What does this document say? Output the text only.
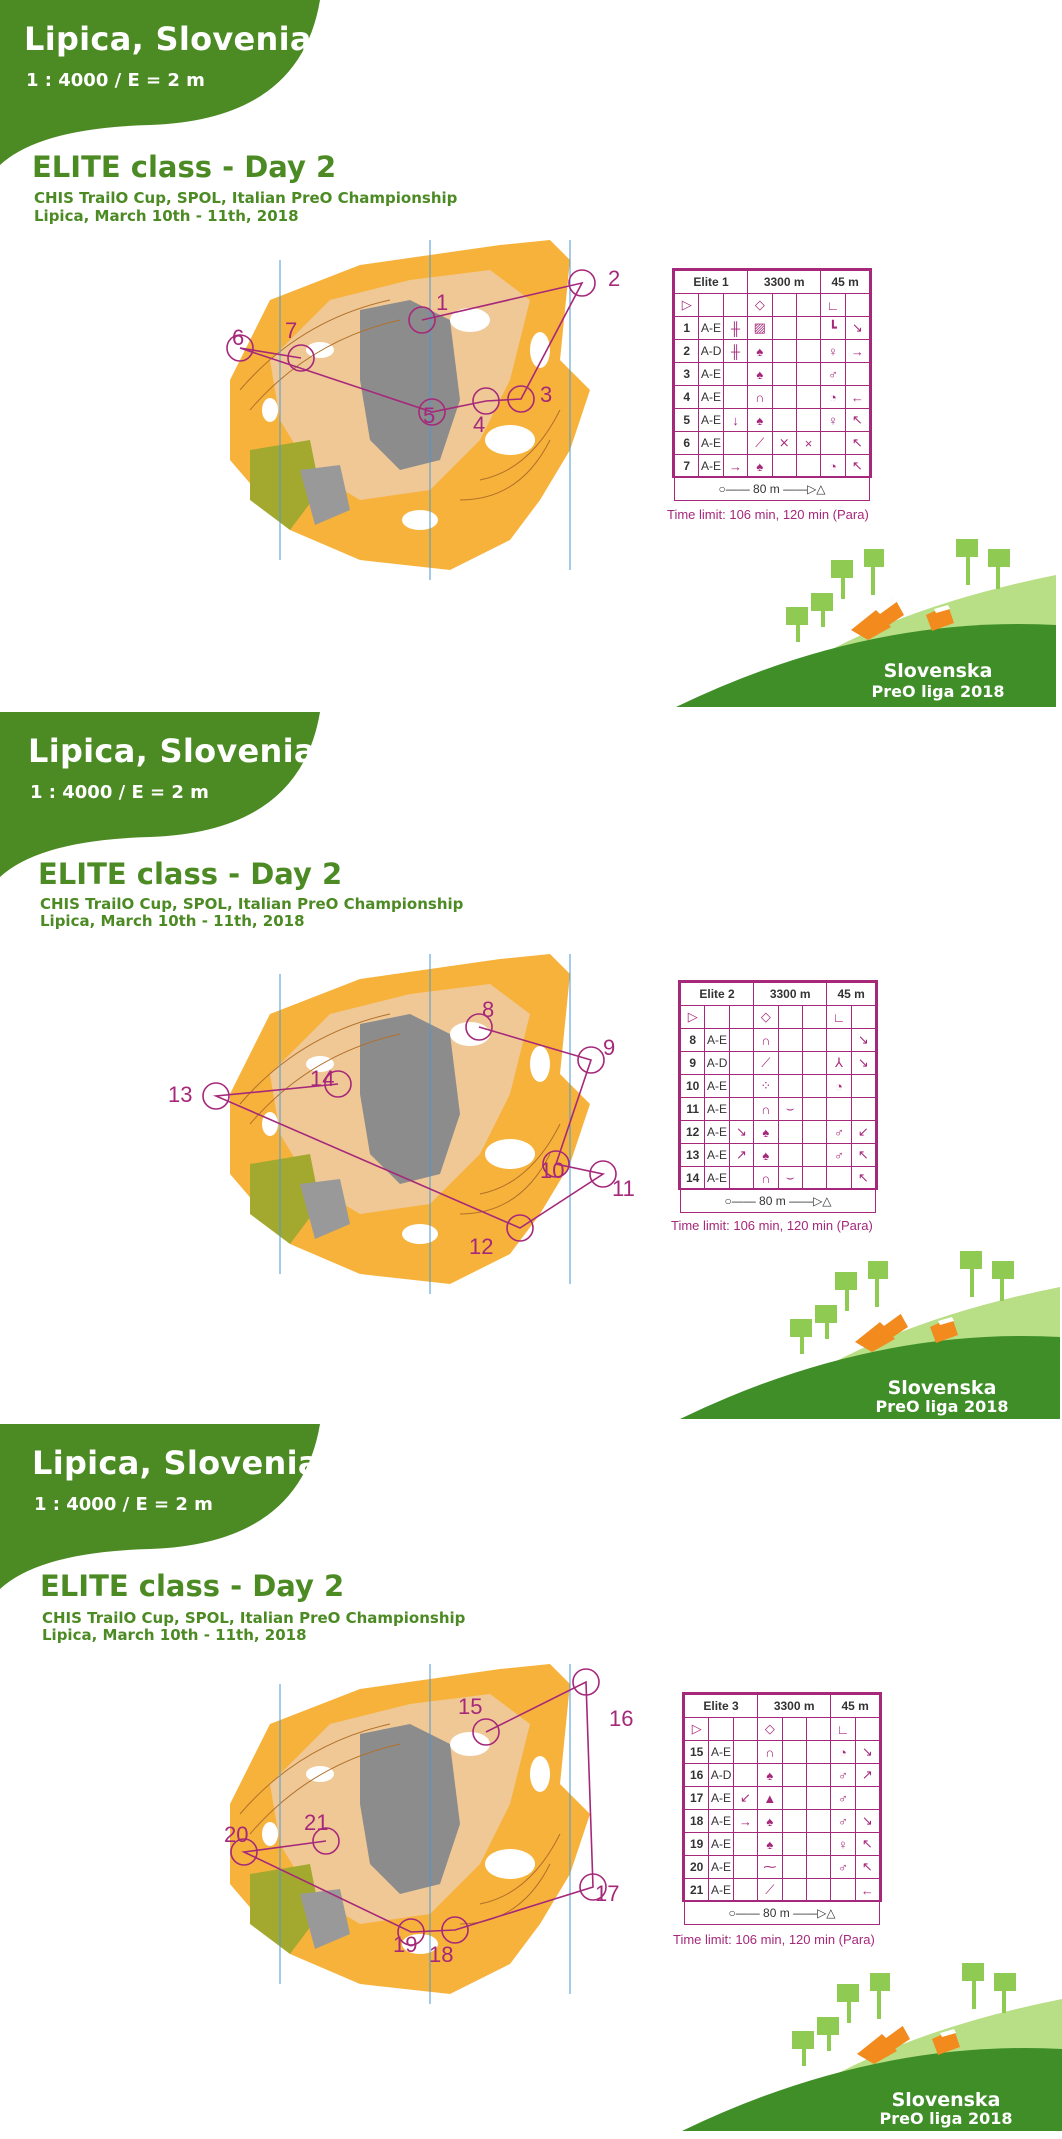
Lipica, Slovenia
1 : 4000 / E = 2 m
ELITE class - Day 2
CHIS TrailO Cup, SPOL, Italian PreO Championship
Lipica, March 10th - 11th, 2018
1
2
3
4
5
6 7
Elite 1			3300 m			45 m	
▷			◇			∟	
1	A-E	╫	▨			┗	↘
2	A-D	╫	♠			♀	→
3	A-E		♠			♂	
4	A-E		∩			◔	←
5	A-E	↓	♠			♀	↖
6	A-E		⟋	⨯	×		↖
7	A-E	→	♠			◔	↖
○—— 80 m ——▷△							
Time limit: 106 min, 120 min (Para)
Slovenska
PreO liga 2018
Lipica, Slovenia
1 : 4000 / E = 2 m
ELITE class - Day 2
CHIS TrailO Cup, SPOL, Italian PreO Championship
Lipica, March 10th - 11th, 2018
8
9
10
11
12
13
14
Elite 2			3300 m			45 m	
▷			◇			∟	
8	A-E		∩				↘
9	A-D		⟋			⅄	↘
10	A-E		⁘			◔	
11	A-E		∩	⌣			
12	A-E	↘	♠			♂	↙
13	A-E	↗	♠			♂	↖
14	A-E		∩	⌣			↖
○—— 80 m ——▷△							
Time limit: 106 min, 120 min (Para)
Slovenska
PreO liga 2018
Lipica, Slovenia
1 : 4000 / E = 2 m
ELITE class - Day 2
CHIS TrailO Cup, SPOL, Italian PreO Championship
Lipica, March 10th - 11th, 2018
15	16
17
18
19
20	21
Elite 3			3300 m			45 m	
▷			◇			∟	
15	A-E		∩			◔	↘
16	A-D		♠			♂	↗
17	A-E	↙	▲			♂	
18	A-E	→	♠			♂	↘
19	A-E		♠			♀	↖
20	A-E		⁓			♂	↖
21	A-E		⟋				←
○—— 80 m ——▷△							
Time limit: 106 min, 120 min (Para)
Slovenska
PreO liga 2018
